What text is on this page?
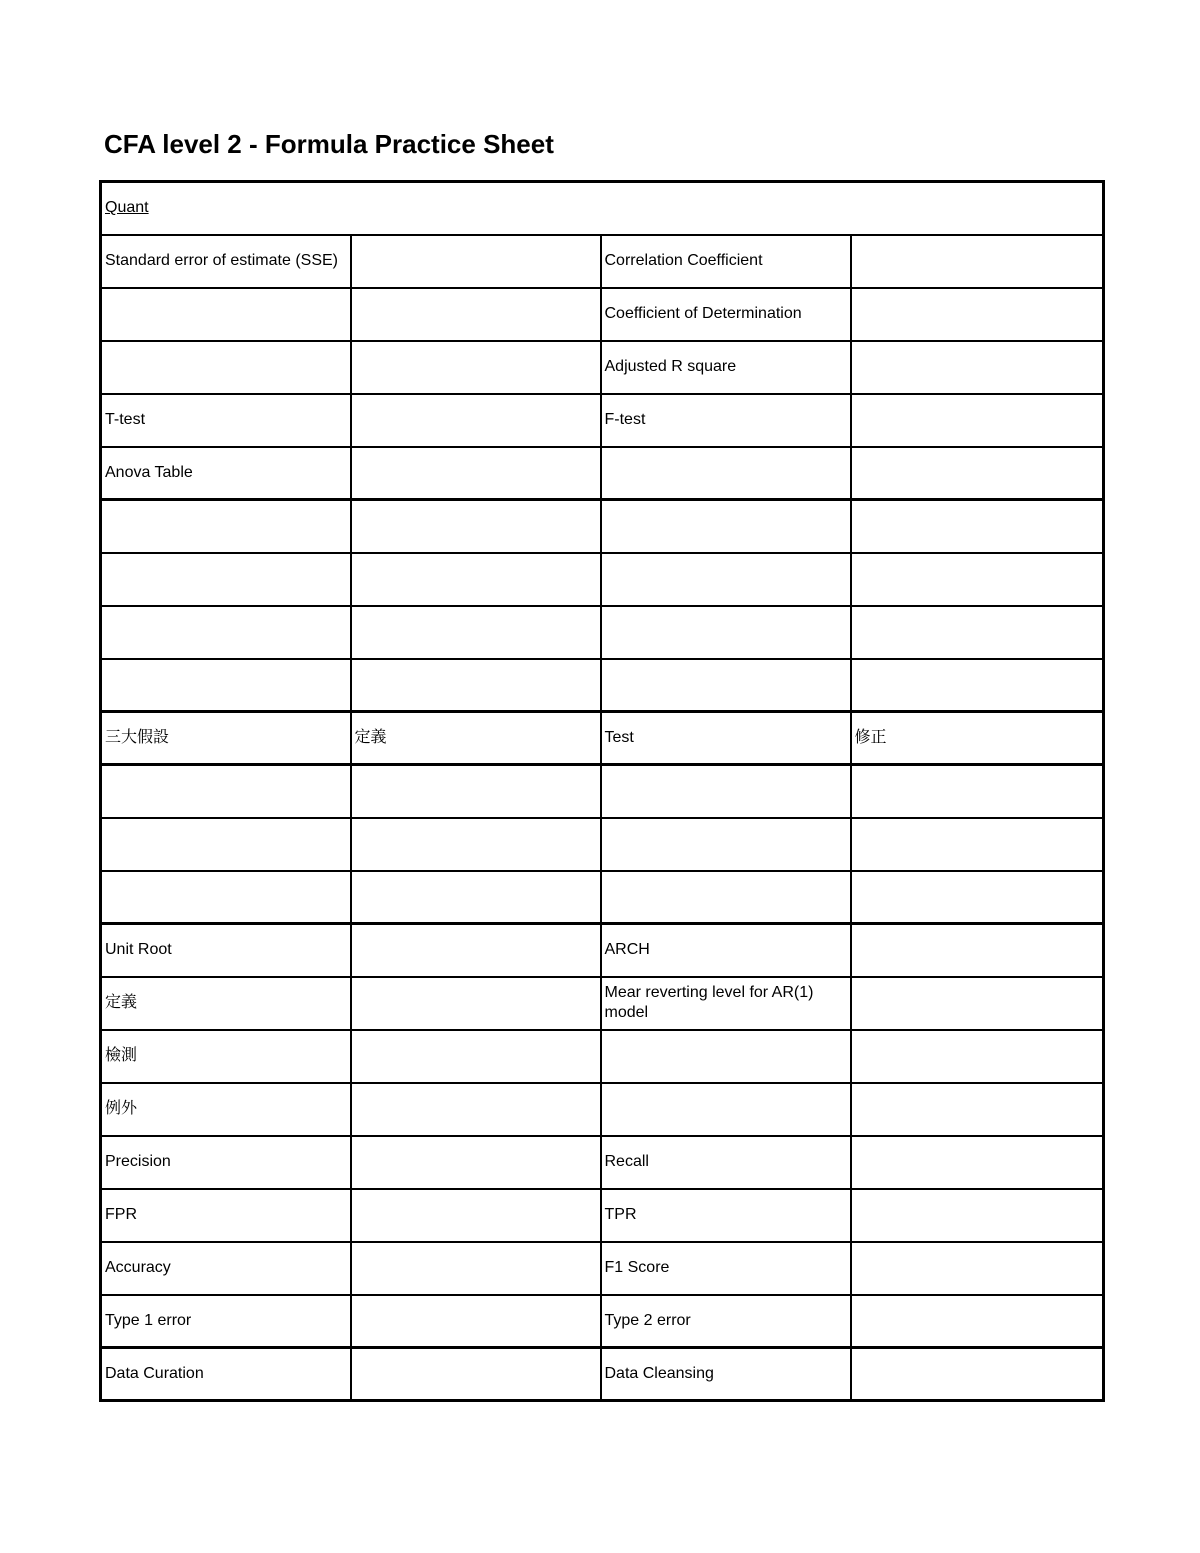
CFA level 2 - Formula Practice Sheet
Quant			
Standard error of estimate (SSE)		Correlation Coefficient	
		Coefficient of Determination	
		Adjusted R square	
T-test		F-test	
Anova Table			

三大假設	定義	Test	修正

Unit Root		ARCH	
定義		Mear reverting level for AR(1) model	
檢測			
例外			
Precision		Recall	
FPR		TPR	
Accuracy		F1 Score	
Type 1 error		Type 2 error	
Data Curation		Data Cleansing	
